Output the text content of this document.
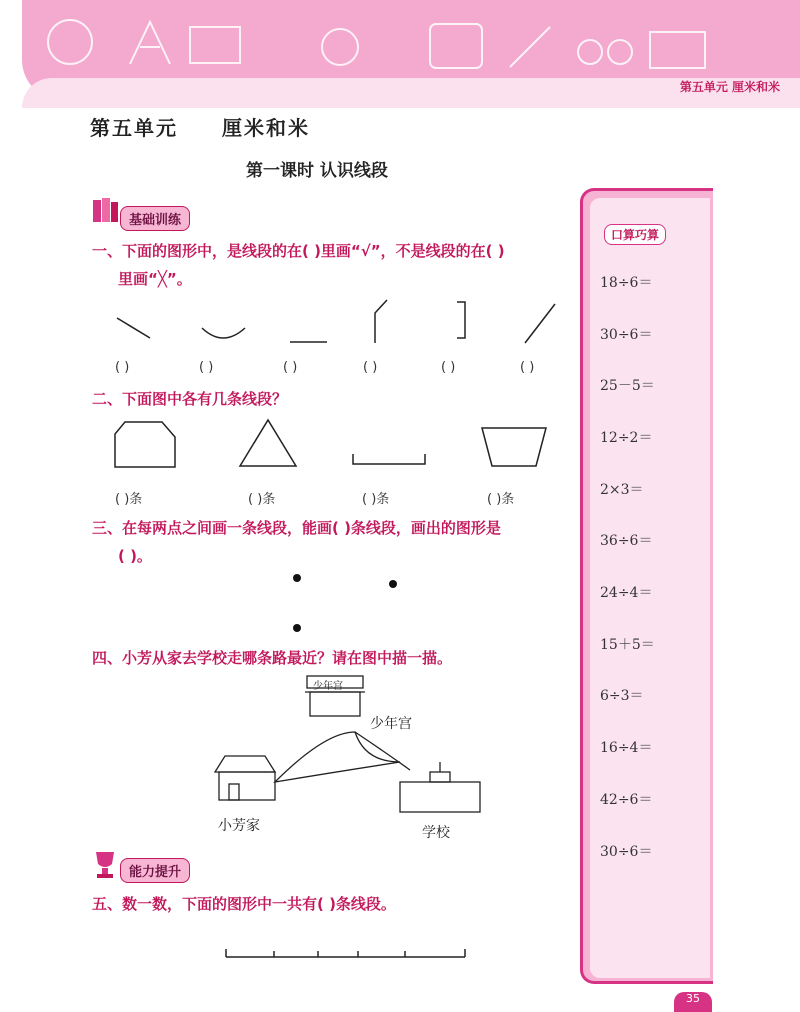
第五单元 厘米和米
第五单元 厘米和米
第一课时 认识线段
基础训练
一、下面的图形中，是线段的在( )里画“√”，不是线段的在( )
里画“╳”。
( )	( )	( )	( )	( )	( )
二、下面图中各有几条线段？
( )条	( )条	( )条	( )条
三、在每两点之间画一条线段，能画( )条线段，画出的图形是
( )。
四、小芳从家去学校走哪条路最近？请在图中描一描。
少年宫
少年宫
小芳家	学校
能力提升
五、数一数，下面的图形中一共有( )条线段。
口算巧算
18÷6＝
30÷6＝
25－5＝
12÷2＝
2×3＝
36÷6＝
24÷4＝
15＋5＝
6÷3＝
16÷4＝
42÷6＝
30÷6＝
35
